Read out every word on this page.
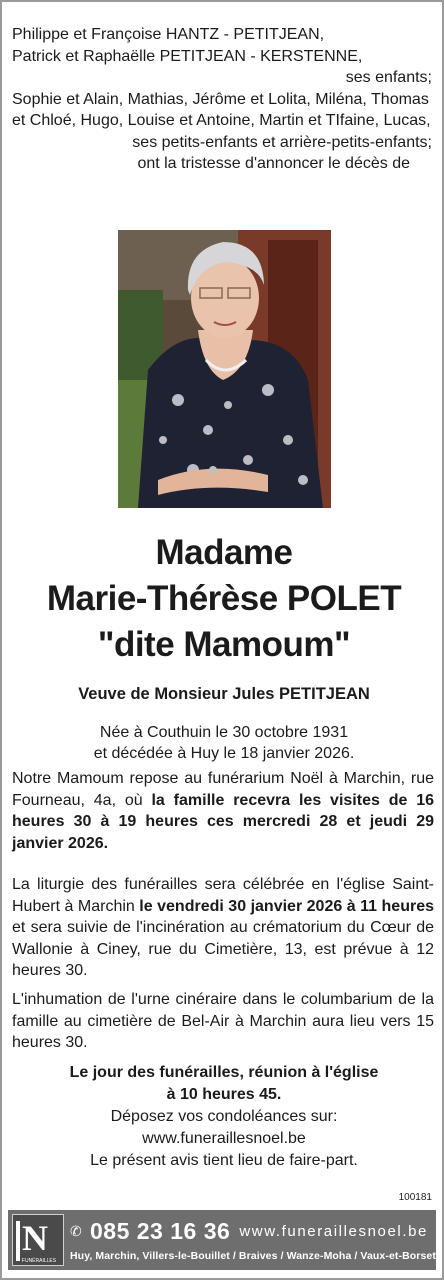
Philippe et Françoise HANTZ - PETITJEAN,
Patrick et Raphaëlle PETITJEAN - KERSTENNE,
ses enfants;
Sophie et Alain, Mathias, Jérôme et Lolita, Miléna, Thomas et Chloé, Hugo, Louise et Antoine, Martin et TIfaine, Lucas,
ses petits-enfants et arrière-petits-enfants;
ont la tristesse d'annoncer le décès de
Madame
Marie-Thérèse POLET
"dite Mamoum"
Veuve de Monsieur Jules PETITJEAN
Née à Couthuin le 30 octobre 1931
et décédée à Huy le 18 janvier 2026.
Notre Mamoum repose au funérarium Noël à Marchin, rue Fourneau, 4a, où la famille recevra les visites de 16 heures 30 à 19 heures ces mercredi 28 et jeudi 29 janvier 2026.
La liturgie des funérailles sera célébrée en l'église Saint-Hubert à Marchin le vendredi 30 janvier 2026 à 11 heures et sera suivie de l'incinération au crématorium du Cœur de Wallonie à Ciney, rue du Cimetière, 13, est prévue à 12 heures 30.
L'inhumation de l'urne cinéraire dans le columbarium de la famille au cimetière de Bel-Air à Marchin aura lieu vers 15 heures 30.
Le jour des funérailles, réunion à l'église
à 10 heures 45.
Déposez vos condoléances sur:
www.funeraillesnoel.be
Le présent avis tient lieu de faire-part.
100181
N
FUNÉRAILLES
✆ 085 23 16 36 www.funeraillesnoel.be
Huy, Marchin, Villers-le-Bouillet / Braives / Wanze-Moha / Vaux-et-Borset
